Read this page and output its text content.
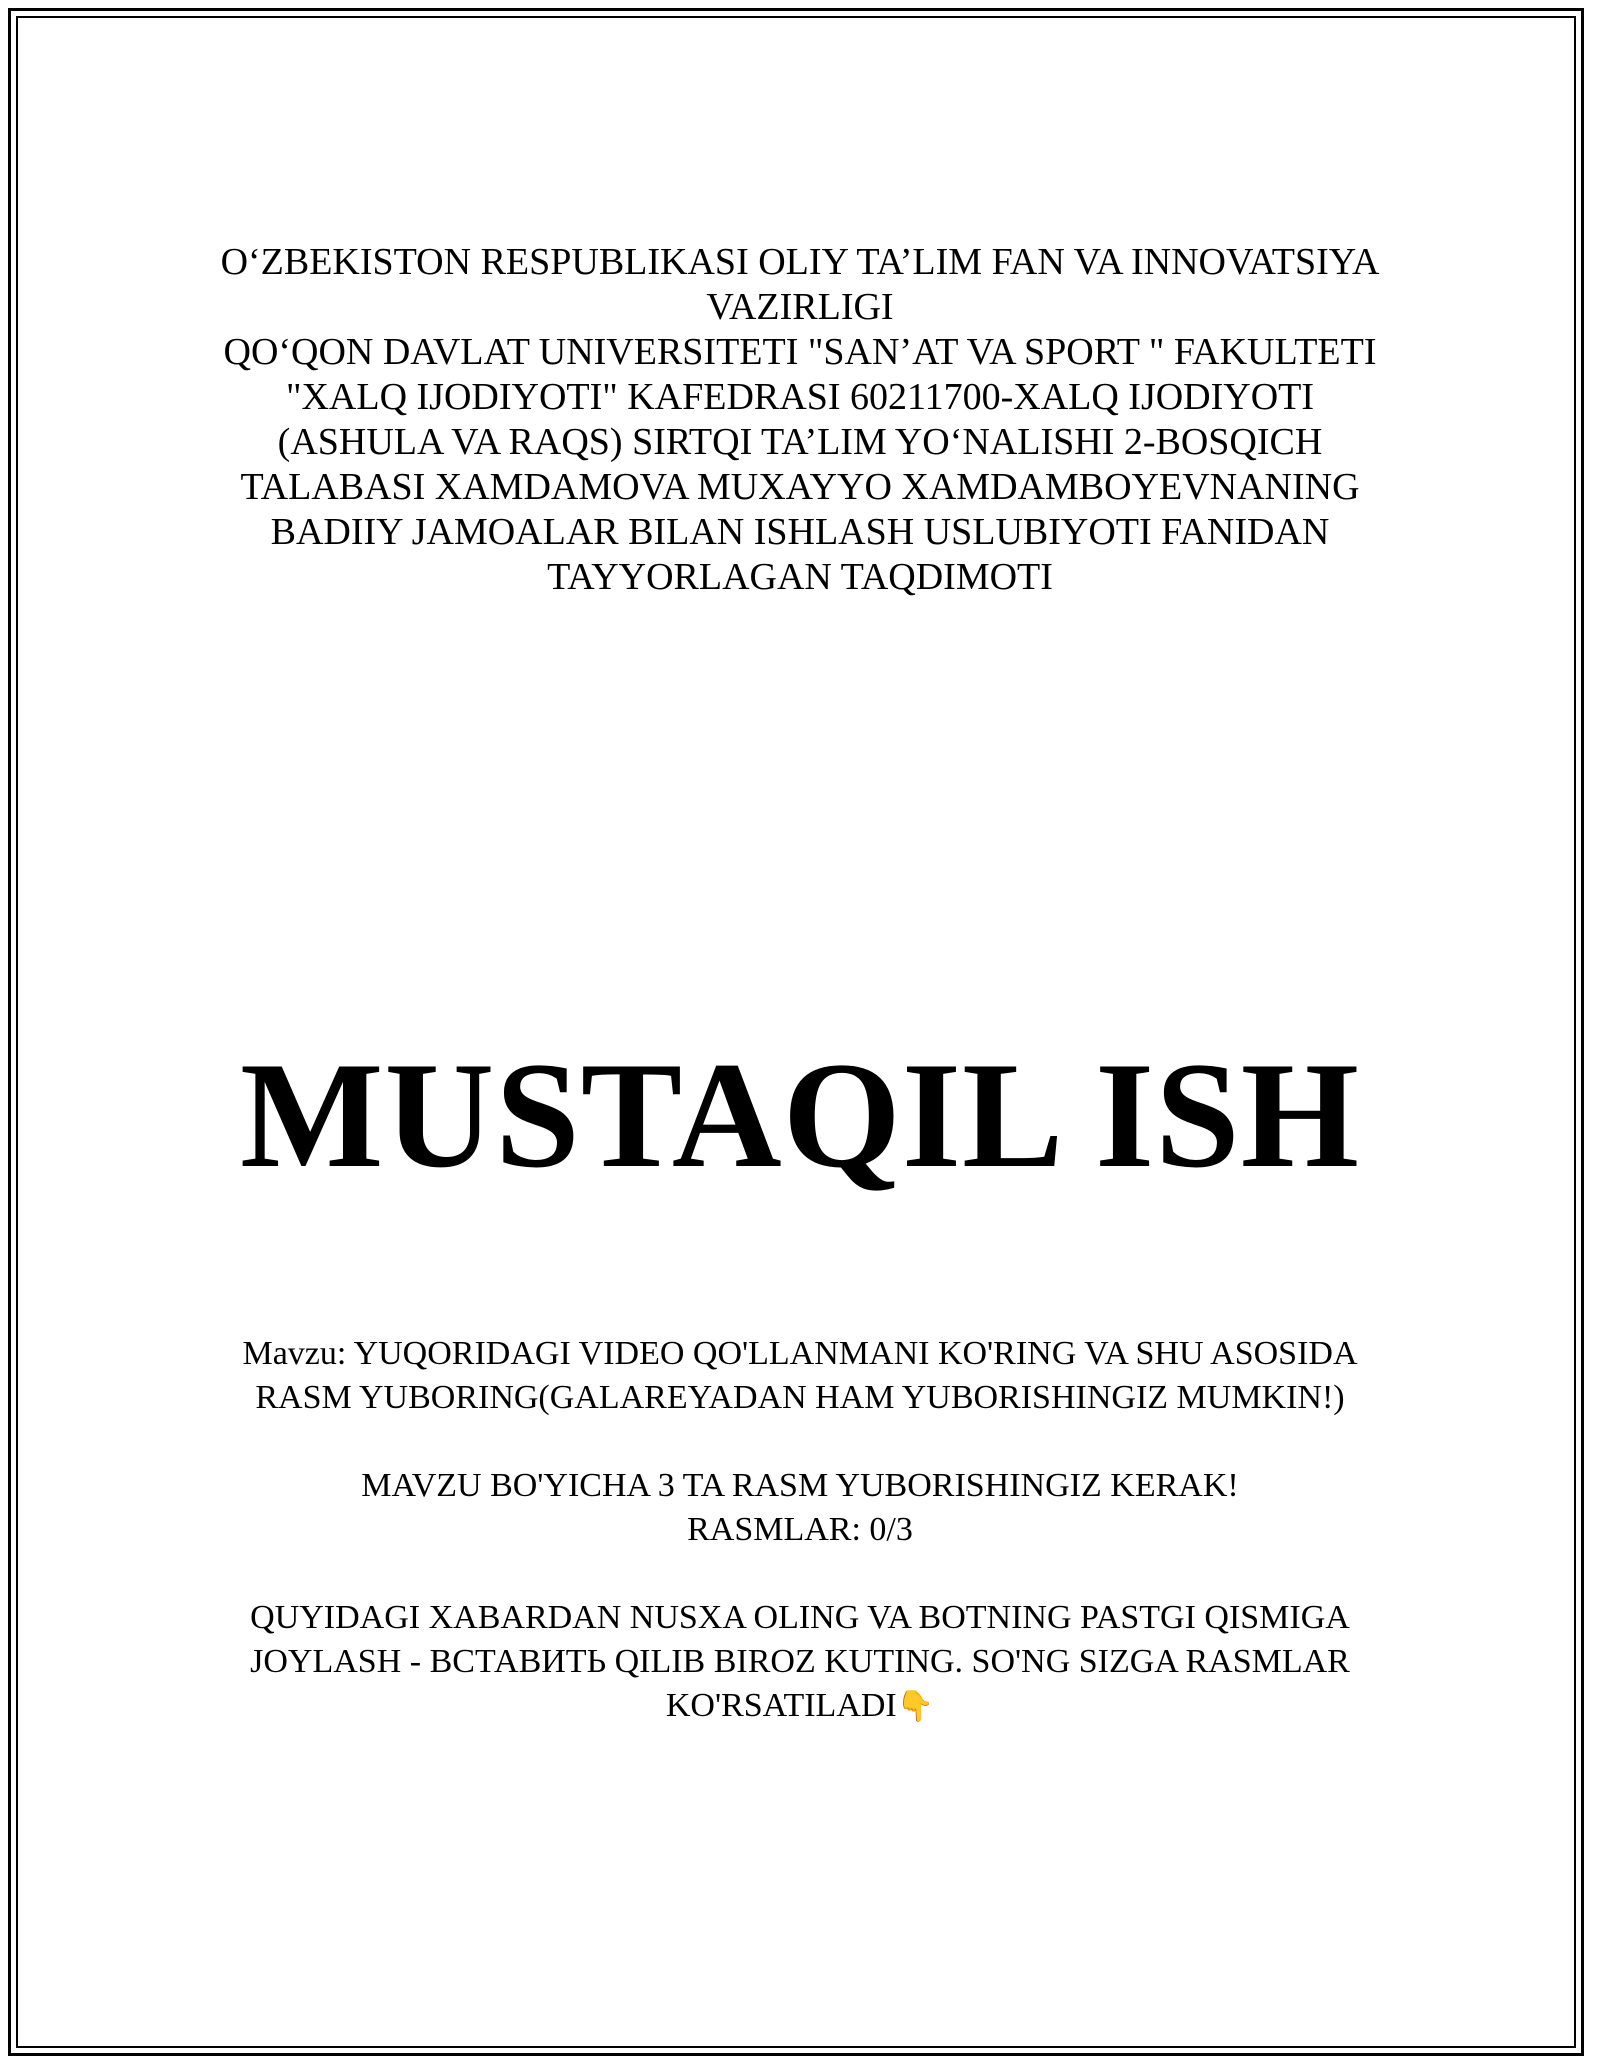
O‘ZBEKISTON RESPUBLIKASI OLIY TA’LIM FAN VA INNOVATSIYA VAZIRLIGI

QO‘QON DAVLAT UNIVERSITETI "SAN’AT VA SPORT " FAKULTETI "XALQ IJODIYOTI" KAFEDRASI 60211700-XALQ IJODIYOTI (ASHULA VA RAQS) SIRTQI TA’LIM YO‘NALISHI 2-BOSQICH TALABASI XAMDAMOVA MUXAYYO XAMDAMBOYEVNANING BADIIY JAMOALAR BILAN ISHLASH USLUBIYOTI FANIDAN TAYYORLAGAN TAQDIMOTI

MUSTAQIL ISH

Mavzu: YUQORIDAGI VIDEO QO'LLANMANI KO'RING VA SHU ASOSIDA RASM YUBORING(GALAREYADAN HAM YUBORISHINGIZ MUMKIN!)

MAVZU BO'YICHA 3 TA RASM YUBORISHINGIZ KERAK!
RASMLAR: 0/3

QUYIDAGI XABARDAN NUSXA OLING VA BOTNING PASTGI QISMIGA JOYLASH - ВСТАВИТЬ QILIB BIROZ KUTING. SO'NG SIZGA RASMLAR KO'RSATILADI👇
